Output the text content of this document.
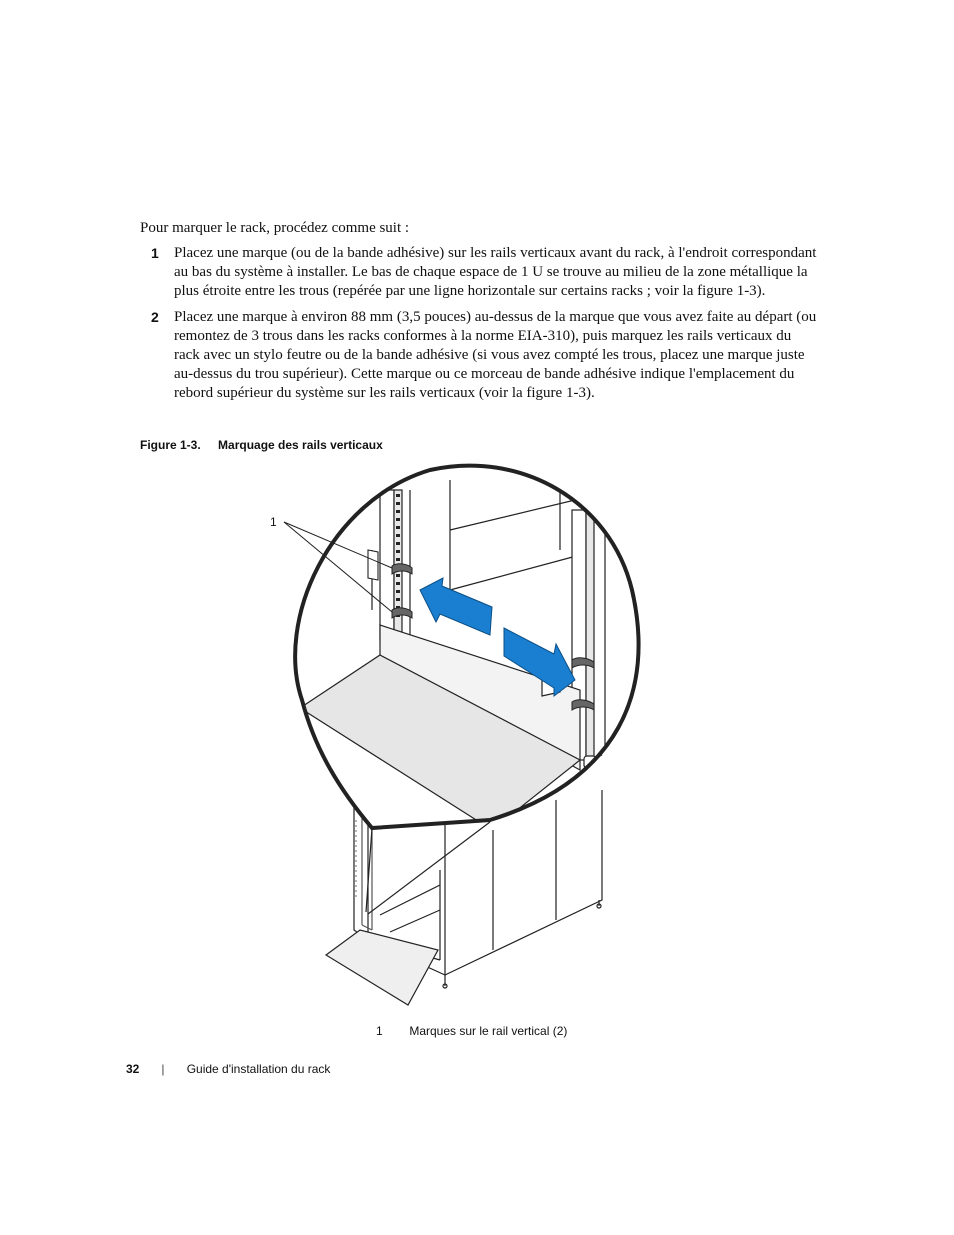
Pour marquer le rack, procédez comme suit :
1 Placez une marque (ou de la bande adhésive) sur les rails verticaux avant du rack, à l'endroit correspondant au bas du système à installer. Le bas de chaque espace de 1 U se trouve au milieu de la zone métallique la plus étroite entre les trous (repérée par une ligne horizontale sur certains racks ; voir la figure 1-3).
2 Placez une marque à environ 88 mm (3,5 pouces) au-dessus de la marque que vous avez faite au départ (ou remontez de 3 trous dans les racks conformes à la norme EIA-310), puis marquez les rails verticaux du rack avec un stylo feutre ou de la bande adhésive (si vous avez compté les trous, placez une marque juste au-dessus du trou supérieur). Cette marque ou ce morceau de bande adhésive indique l'emplacement du rebord supérieur du système sur les rails verticaux (voir la figure 1-3).
Figure 1-3. Marquage des rails verticaux
1
1 Marques sur le rail vertical (2)
32 | Guide d'installation du rack
